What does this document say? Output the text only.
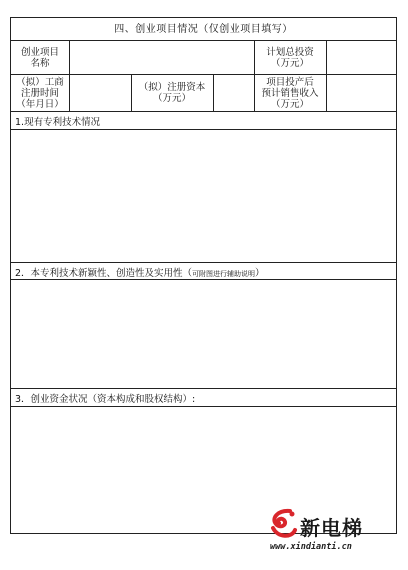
四、创业项目情况（仅创业项目填写）
创业项目
名称
计划总投资
（万元）
（拟）工商
注册时间
（年月日）
（拟）注册资本
（万元）
项目投产后
预计销售收入
（万元）
1.现有专利技术情况
2．本专利技术新颖性、创造性及实用性（可附图进行辅助说明）
3．创业资金状况（资本构成和股权结构）:
新电梯
www.xindianti.cn
